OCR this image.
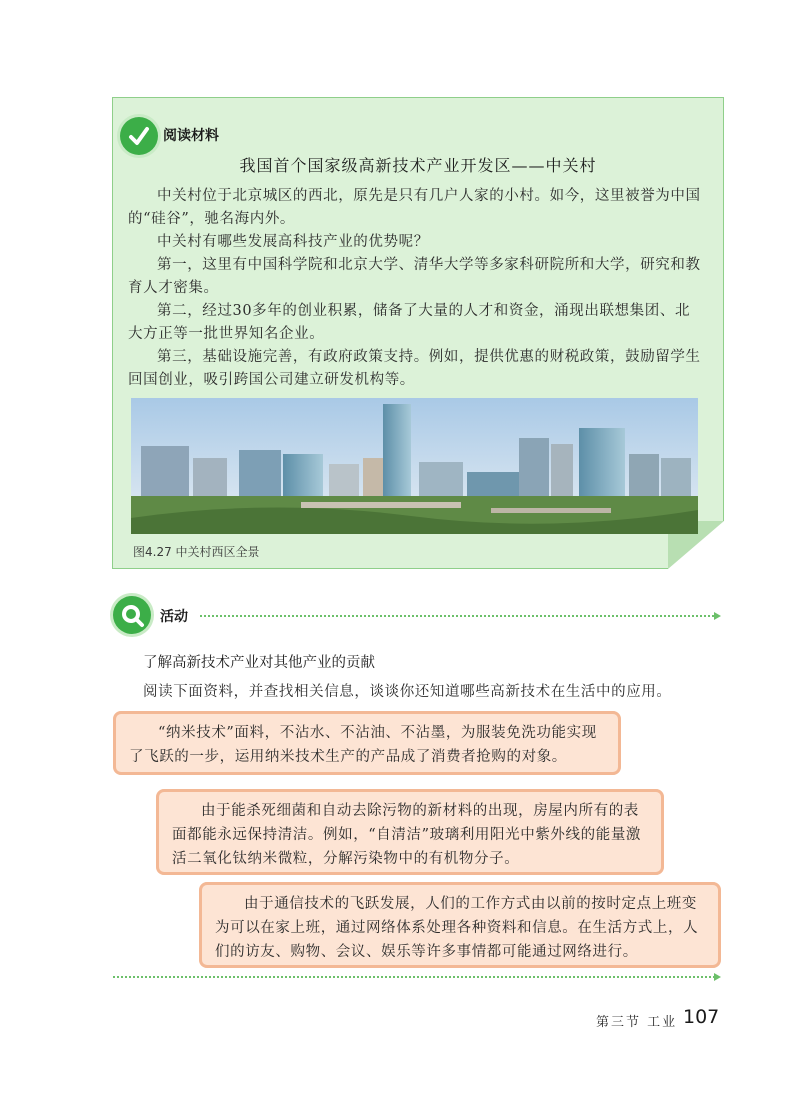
阅读材料
我国首个国家级高新技术产业开发区——中关村

中关村位于北京城区的西北，原先是只有几户人家的小村。如今，这里被誉为中国的“硅谷”，驰名海内外。

中关村有哪些发展高科技产业的优势呢？

第一，这里有中国科学院和北京大学、清华大学等多家科研院所和大学，研究和教育人才密集。

第二，经过30多年的创业积累，储备了大量的人才和资金，涌现出联想集团、北大方正等一批世界知名企业。

第三，基础设施完善，有政府政策支持。例如，提供优惠的财税政策，鼓励留学生回国创业，吸引跨国公司建立研发机构等。

图4.27 中关村西区全景
活动
了解高新技术产业对其他产业的贡献
阅读下面资料，并查找相关信息，谈谈你还知道哪些高新技术在生活中的应用。
“纳米技术”面料，不沾水、不沾油、不沾墨，为服装免洗功能实现了飞跃的一步，运用纳米技术生产的产品成了消费者抢购的对象。
由于能杀死细菌和自动去除污物的新材料的出现，房屋内所有的表面都能永远保持清洁。例如，“自清洁”玻璃利用阳光中紫外线的能量激活二氧化钛纳米微粒，分解污染物中的有机物分子。
由于通信技术的飞跃发展，人们的工作方式由以前的按时定点上班变为可以在家上班，通过网络体系处理各种资料和信息。在生活方式上，人们的访友、购物、会议、娱乐等许多事情都可能通过网络进行。
第三节 工业 107
